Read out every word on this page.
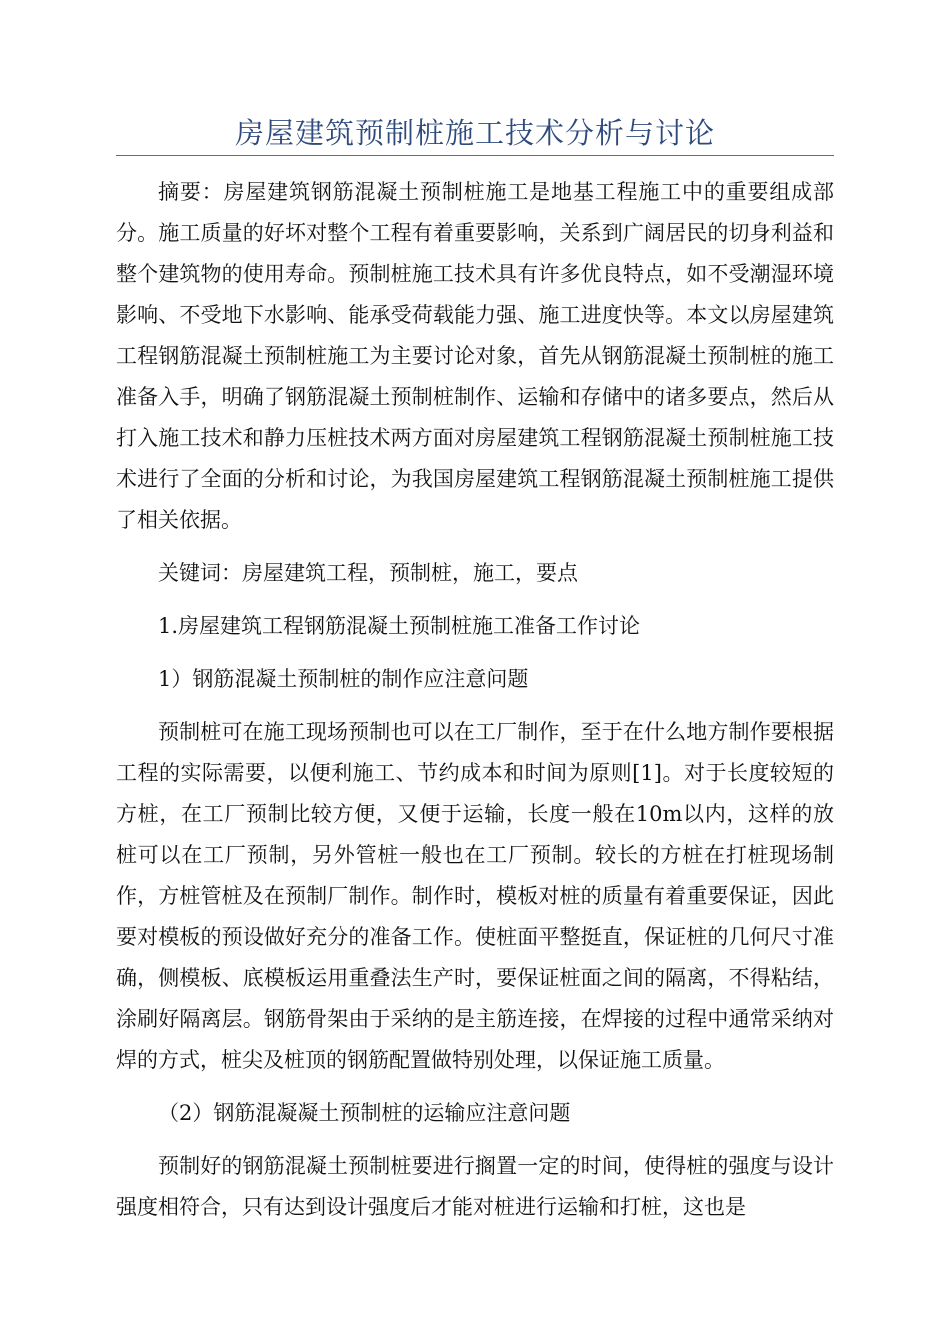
房屋建筑预制桩施工技术分析与讨论

摘要：房屋建筑钢筋混凝土预制桩施工是地基工程施工中的重要组成部分。施工质量的好坏对整个工程有着重要影响，关系到广阔居民的切身利益和整个建筑物的使用寿命。预制桩施工技术具有许多优良特点，如不受潮湿环境影响、不受地下水影响、能承受荷载能力强、施工进度快等。本文以房屋建筑工程钢筋混凝土预制桩施工为主要讨论对象，首先从钢筋混凝土预制桩的施工准备入手，明确了钢筋混凝土预制桩制作、运输和存储中的诸多要点，然后从打入施工技术和静力压桩技术两方面对房屋建筑工程钢筋混凝土预制桩施工技术进行了全面的分析和讨论，为我国房屋建筑工程钢筋混凝土预制桩施工提供了相关依据。

关键词：房屋建筑工程，预制桩，施工，要点

1.房屋建筑工程钢筋混凝土预制桩施工准备工作讨论

1）钢筋混凝土预制桩的制作应注意问题

预制桩可在施工现场预制也可以在工厂制作，至于在什么地方制作要根据工程的实际需要，以便利施工、节约成本和时间为原则[1]。对于长度较短的方桩，在工厂预制比较方便，又便于运输，长度一般在10m以内，这样的放桩可以在工厂预制，另外管桩一般也在工厂预制。较长的方桩在打桩现场制作，方桩管桩及在预制厂制作。制作时，模板对桩的质量有着重要保证，因此要对模板的预设做好充分的准备工作。使桩面平整挺直，保证桩的几何尺寸准确，侧模板、底模板运用重叠法生产时，要保证桩面之间的隔离，不得粘结，涂刷好隔离层。钢筋骨架由于采纳的是主筋连接，在焊接的过程中通常采纳对焊的方式，桩尖及桩顶的钢筋配置做特别处理，以保证施工质量。

（2）钢筋混凝凝土预制桩的运输应注意问题

预制好的钢筋混凝土预制桩要进行搁置一定的时间，使得桩的强度与设计强度相符合，只有达到设计强度后才能对桩进行运输和打桩，这也是
